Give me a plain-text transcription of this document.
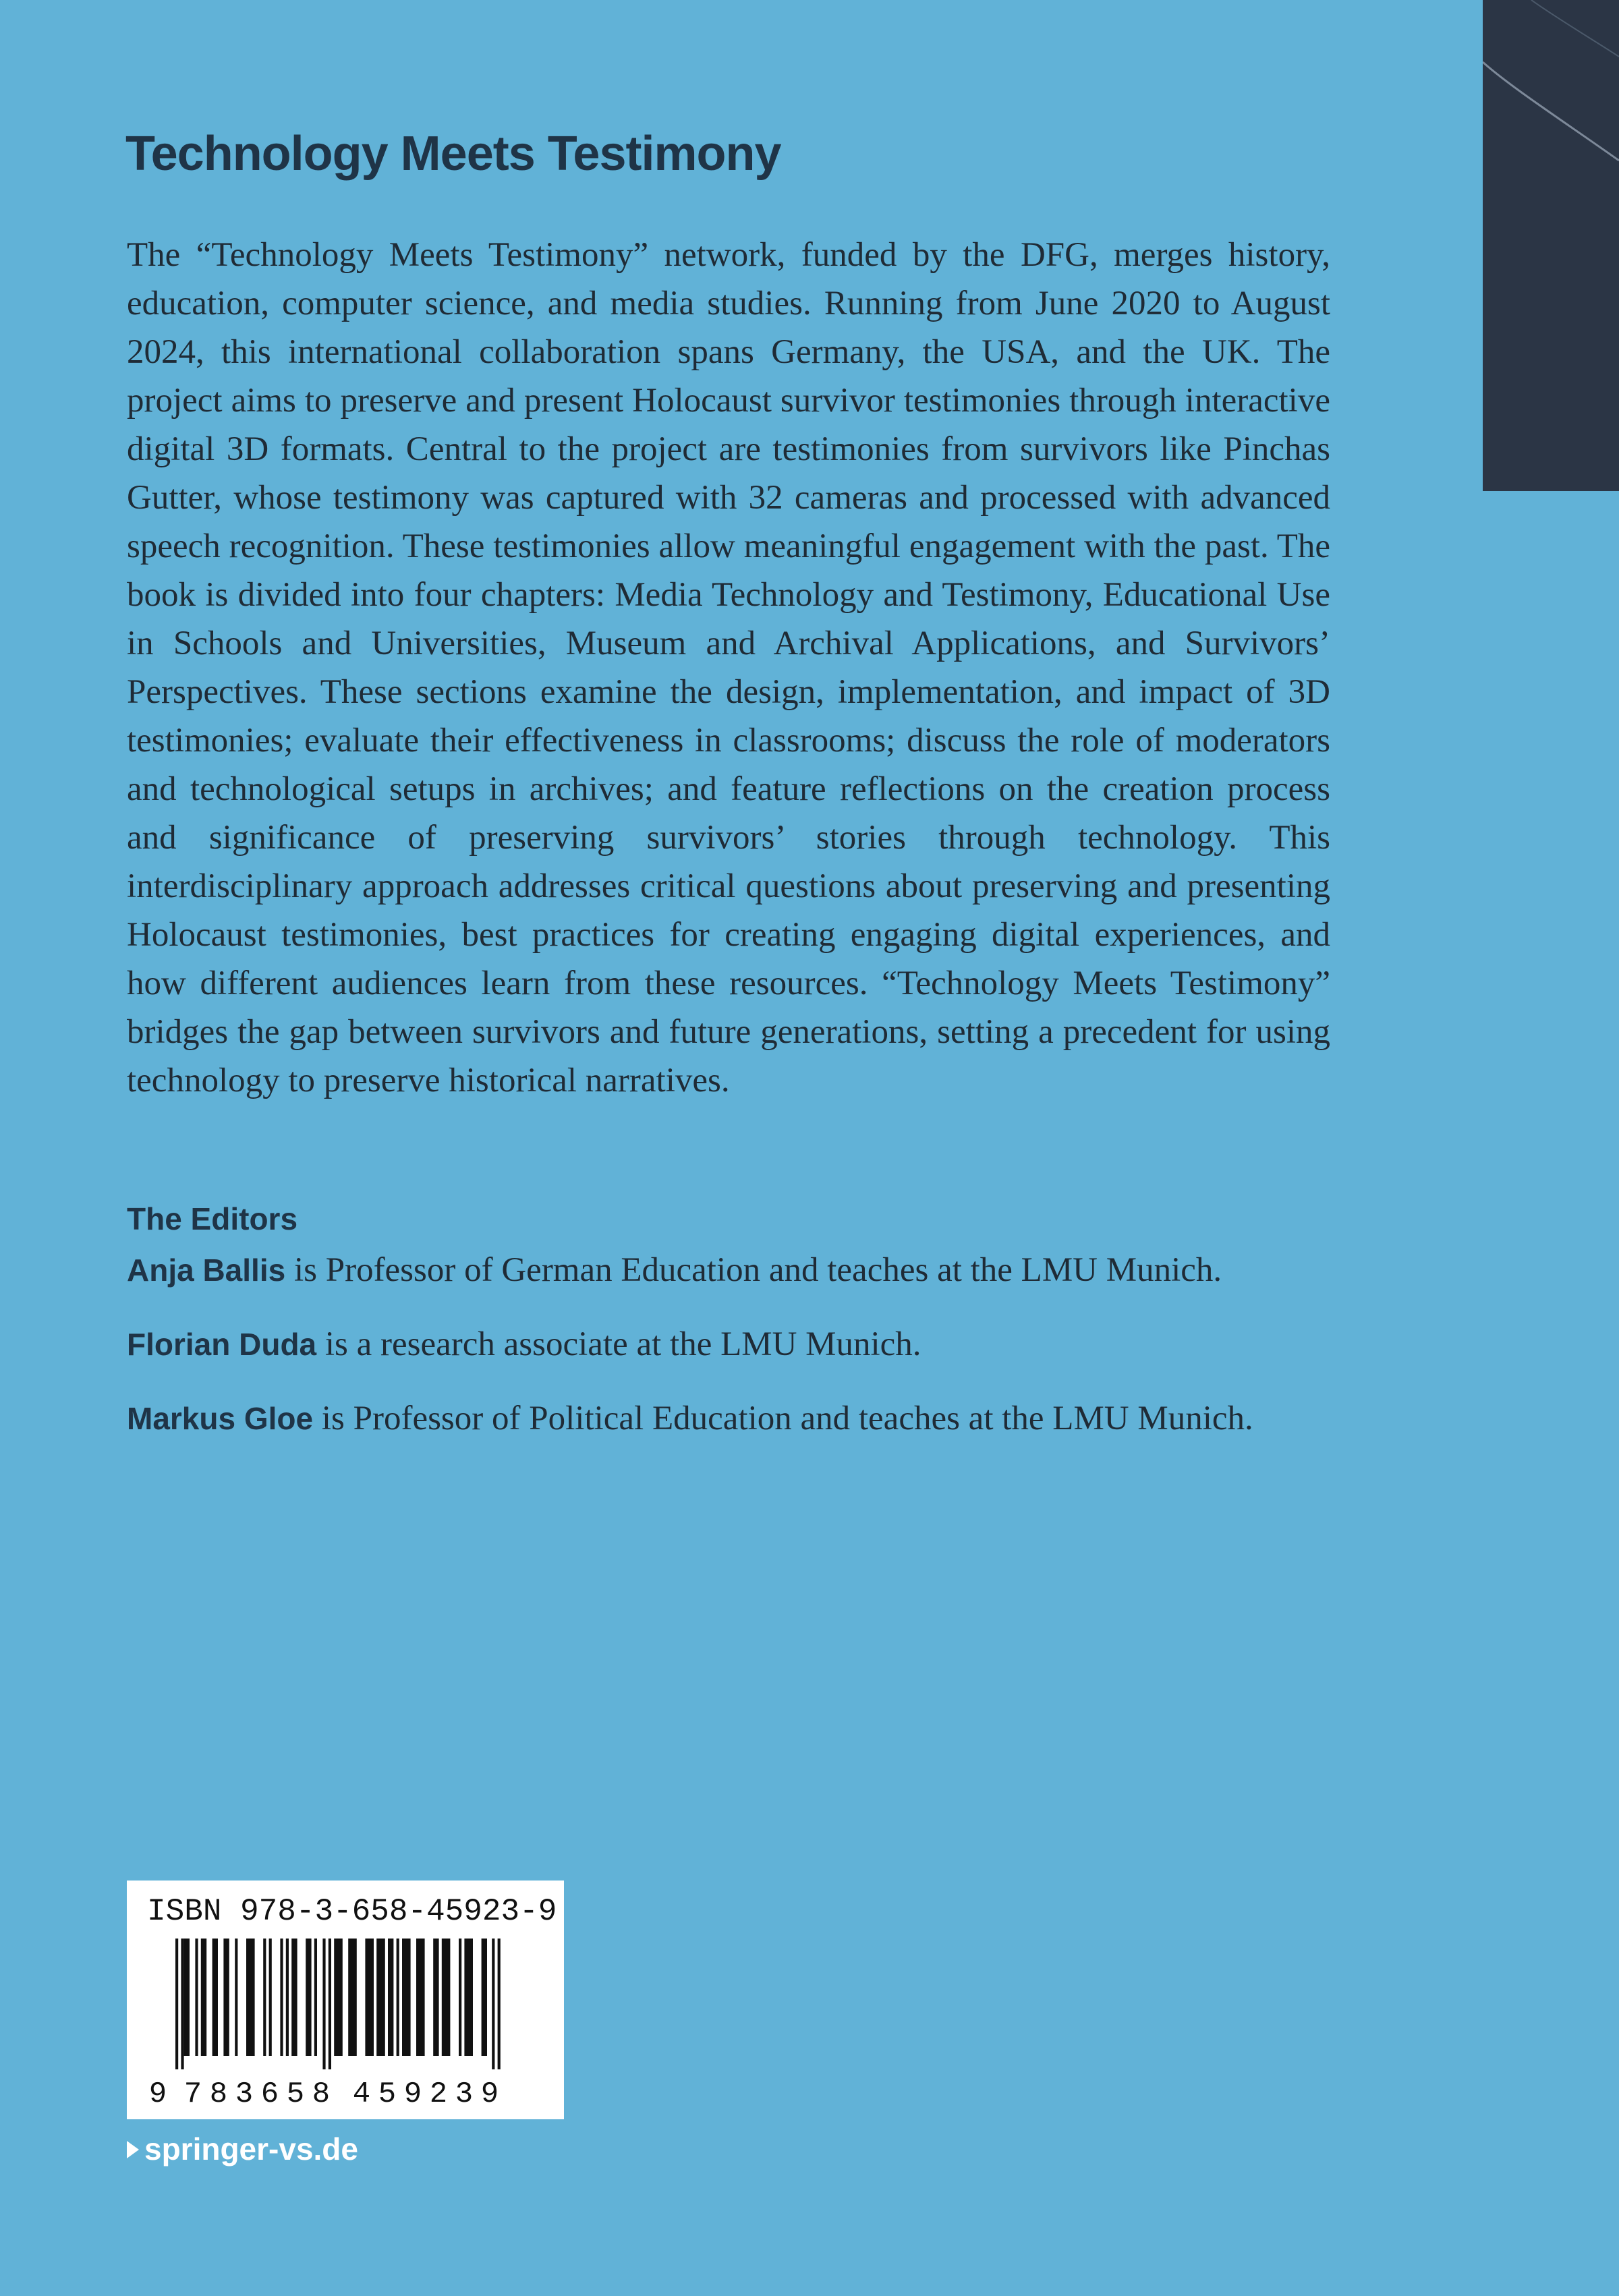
Technology Meets Testimony

The “Technology Meets Testimony” network, funded by the DFG, merges history, education, computer science, and media studies. Running from June 2020 to August 2024, this international collaboration spans Germany, the USA, and the UK. The project aims to preserve and present Holocaust survivor testimonies through interactive digital 3D formats. Central to the project are testimonies from survivors like Pinchas Gutter, whose testimony was captured with 32 cameras and processed with advanced speech recognition. These testimonies allow meaningful engagement with the past. The book is divided into four chapters: Media Technology and Testimony, Educational Use in Schools and Universities, Museum and Archival Applications, and Survivors’ Perspectives. These sections examine the design, implementation, and impact of 3D testimonies; evaluate their effectiveness in classrooms; discuss the role of moderators and technological setups in archives; and feature reflections on the creation process and significance of preserving survivors’ stories through technology. This interdisciplinary approach addresses critical questions about preserving and presenting Holocaust testimonies, best practices for creating engaging digital experiences, and how different audiences learn from these resources. “Technology Meets Testimony” bridges the gap between survivors and future generations, setting a precedent for using technology to preserve historical narratives.

The Editors

Anja Ballis is Professor of German Education and teaches at the LMU Munich.

Florian Duda is a research associate at the LMU Munich.

Markus Gloe is Professor of Political Education and teaches at the LMU Munich.

ISBN 978-3-658-45923-9
9 7 8 3 6 5 8 4 5 9 2 3 9
springer-vs.de
